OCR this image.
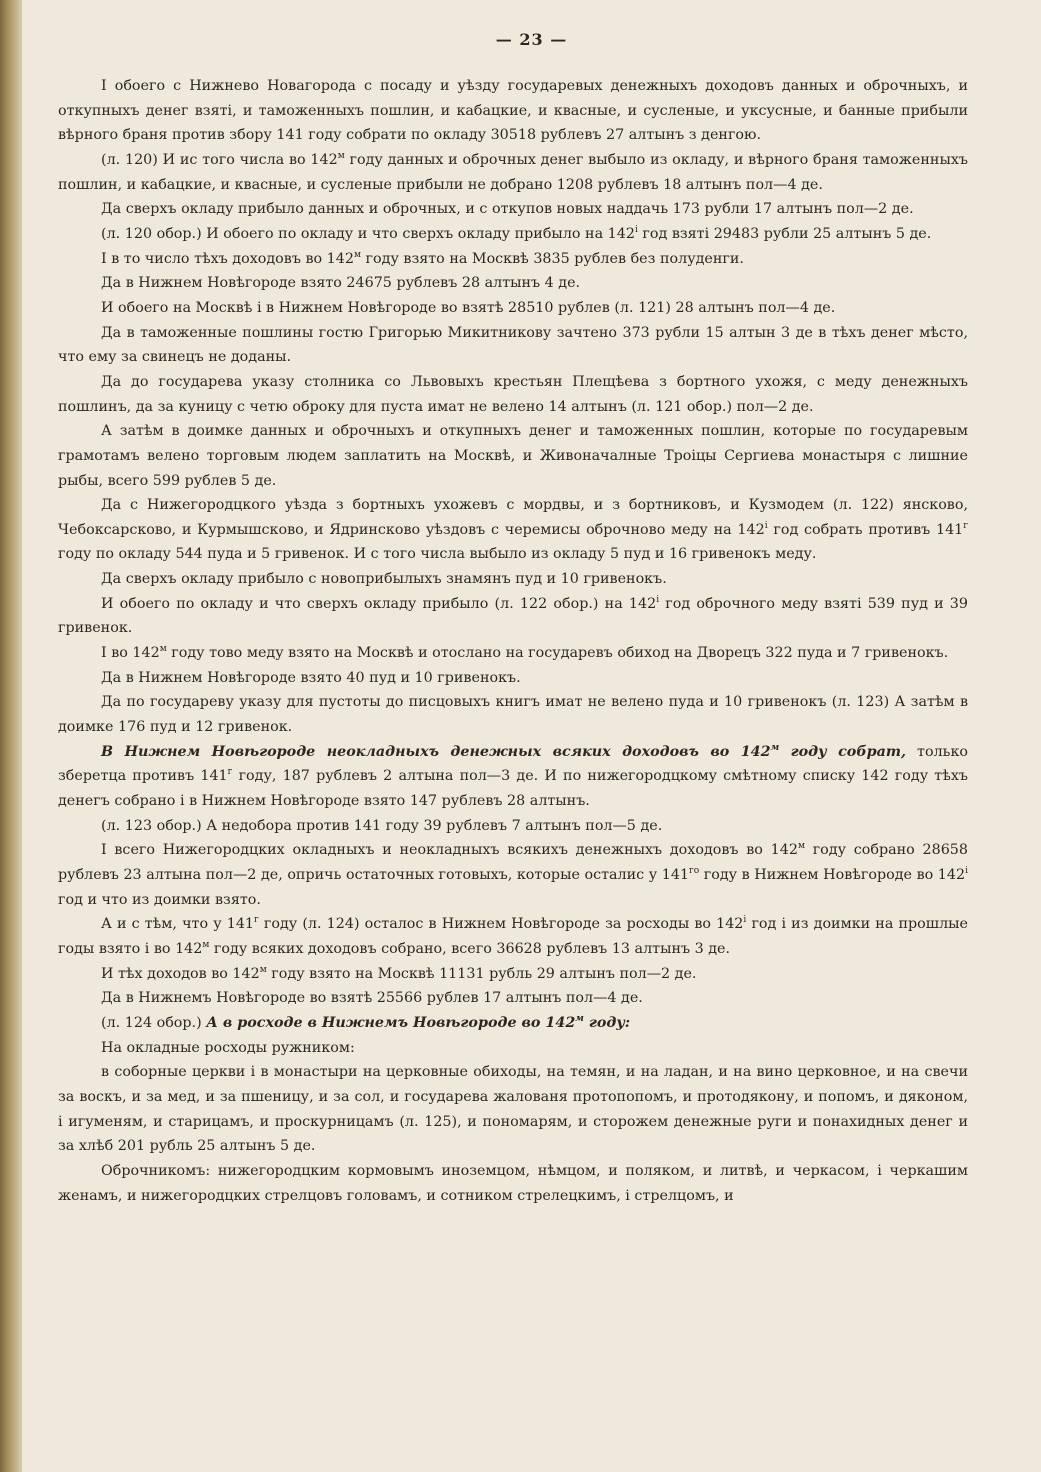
— 23 —

І обоего с Нижнево Новагорода с посаду и уѣзду государевых денежныхъ доходовъ данных и оброчныхъ, и откупныхъ денег взятi, и таможенныхъ пошлин, и кабацкие, и квасные, и сусленые, и уксусные, и банные прибыли вѣрного браня против збору 141 году собрати по окладу 30518 рублевъ 27 алтынъ з денгою.

(л. 120) И ис того числа во $142^м$ году данных и оброчных денег выбыло из окладу, и вѣрного браня таможенныхъ пошлин, и кабацкие, и квасные, и сусленые прибыли не добрано 1208 рублевъ 18 алтынъ пол—4 де.

Да сверхъ окладу прибыло данных и оброчных, и с откупов новых наддачь 173 рубли 17 алтынъ пол—2 де.

(л. 120 обор.) И обоего по окладу и что сверхъ окладу прибыло на $142^і$ год взятi 29483 рубли 25 алтынъ 5 де.

І в то число тѣхъ доходовъ во $142^м$ году взято на Москвѣ 3835 рублев без полуденги.

Да в Нижнем Новѣгороде взято 24675 рублевъ 28 алтынъ 4 де.

И обоего на Москвѣ i в Нижнем Новѣгороде во взятѣ 28510 рублев (л. 121) 28 алтынъ пол—4 де.

Да в таможенные пошлины гостю Григорью Микитникову зачтено 373 рубли 15 алтын 3 де в тѣхъ денег мѣсто, что ему за свинецъ не доданы.

Да до государева указу столника со Львовыхъ крестьян Плещѣева з бортного ухожя, с меду денежныхъ пошлинъ, да за куницу с четю оброку для пуста имат не велено 14 алтынъ (л. 121 обор.) пол—2 де.

А затѣм в доимке данных и оброчныхъ и откупныхъ денег и таможенных пошлин, которые по государевым грамотамъ велено торговым людем заплатить на Москвѣ, и Живоначалные Троіцы Сергиева монастыря с лишние рыбы, всего 599 рублев 5 де.

Да с Нижегородцкого уѣзда з бортныхъ ухожевъ с мордвы, и з бортниковъ, и Кузмодем (л. 122) янсково, Чебоксарсково, и Курмышсково, и Ядринсково уѣздовъ с черемисы оброчново меду на $142^і$ год собрать противъ $141^г$ году по окладу 544 пуда и 5 гривенок. И с того числа выбыло из окладу 5 пуд и 16 гривенокъ меду.

Да сверхъ окладу прибыло с новоприбылыхъ знамянъ пуд и 10 гривенокъ.

И обоего по окладу и что сверхъ окладу прибыло (л. 122 обор.) на $142^і$ год оброчного меду взятi 539 пуд и 39 гривенок.

І во $142^м$ году тово меду взято на Москвѣ и отослано на государевъ обиход на Дворецъ 322 пуда и 7 гривенокъ.

Да в Нижнем Новѣгороде взято 40 пуд и 10 гривенокъ.

Да по государеву указу для пустоты до писцовыхъ книгъ имат не велено пуда и 10 гривенокъ (л. 123) А затѣм в доимке 176 пуд и 12 гривенок.

В Нижнем Новѣгороде неокладныхъ денежных всяких доходовъ во $142^м$ году собрат, только зберетца противъ $141^г$ году, 187 рублевъ 2 алтына пол—3 де. И по нижегородцкому смѣтному списку 142 году тѣхъ денегъ собрано i в Нижнем Новѣгороде взято 147 рублевъ 28 алтынъ.

(л. 123 обор.) А недобора против 141 году 39 рублевъ 7 алтынъ пол—5 де.

І всего Нижегородцких окладныхъ и неокладныхъ всякихъ денежныхъ доходовъ во $142^м$ году собрано 28658 рублевъ 23 алтына пол—2 де, опричь остаточных готовыхъ, которые осталис у $141^{го}$ году в Нижнем Новѣгороде во $142^і$ год и что из доимки взято.

А и с тѣм, что у $141^г$ году (л. 124) осталос в Нижнем Новѣгороде за росходы во $142^і$ год i из доимки на прошлые годы взято i во $142^м$ году всяких доходовъ собрано, всего 36628 рублевъ 13 алтынъ 3 де.

И тѣх доходов во $142^м$ году взято на Москвѣ 11131 рубль 29 алтынъ пол—2 де.

Да в Нижнемъ Новѣгороде во взятѣ 25566 рублев 17 алтынъ пол—4 де.

(л. 124 обор.) А в росходе в Нижнемъ Новѣгороде во $142^м$ году:

На окладные росходы ружником:

в соборные церкви i в монастыри на церковные обиходы, на темян, и на ладан, и на вино церковное, и на свечи за воскъ, и за мед, и за пшеницу, и за сол, и государева жалованя протопопомъ, и протодякону, и попомъ, и дяконом, i игуменям, и старицамъ, и проскурницамъ (л. 125), и пономарям, и сторожем денежные руги и понахидных денег и за хлѣб 201 рубль 25 алтынъ 5 де.

Оброчникомъ: нижегородцким кормовымъ иноземцом, нѣмцом, и поляком, и литвѣ, и черкасом, і черкашим женамъ, и нижегородцких стрелцовъ головамъ, и сотником стрелецкимъ, i стрелцомъ, и
